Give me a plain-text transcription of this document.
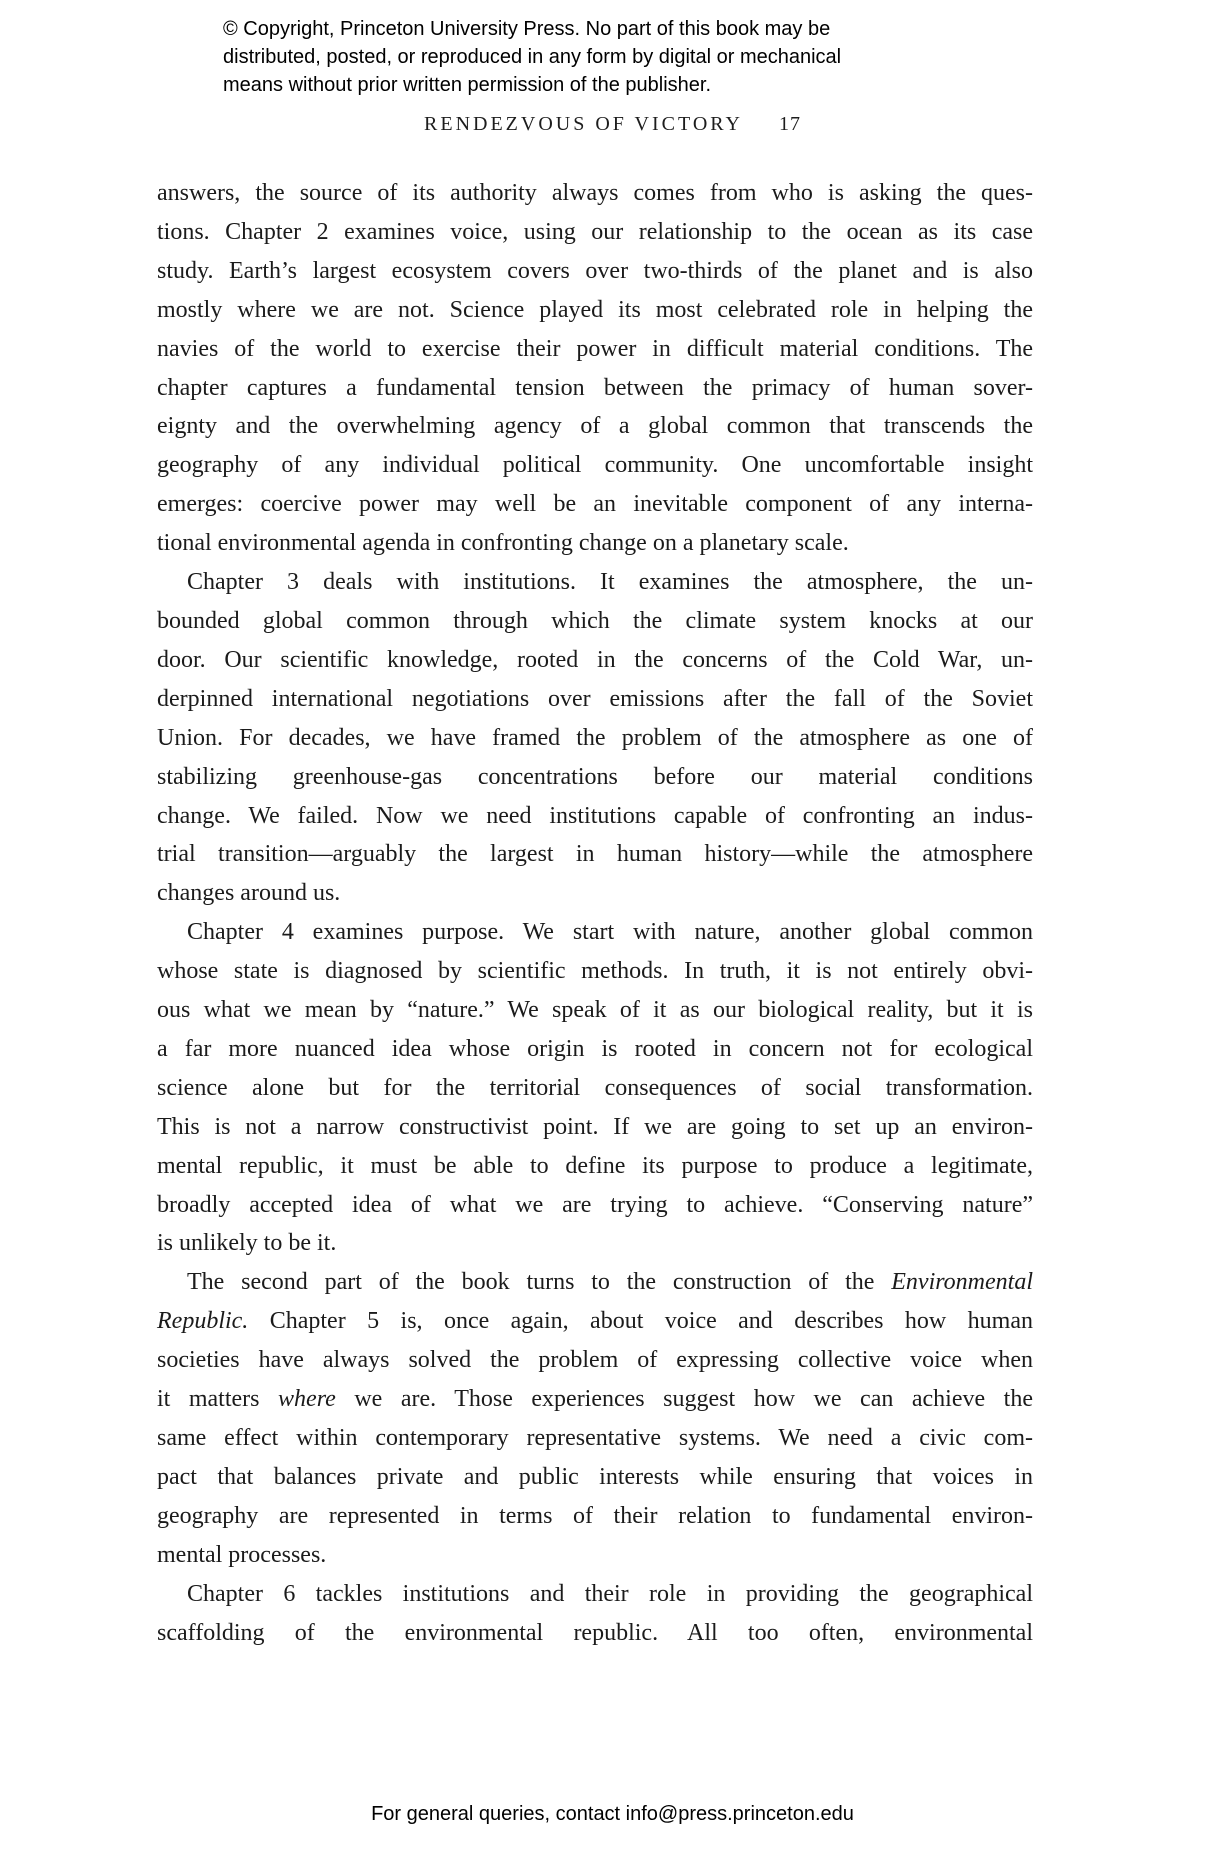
© Copyright, Princeton University Press. No part of this book may be
distributed, posted, or reproduced in any form by digital or mechanical
means without prior written permission of the publisher.
RENDEZVOUS OF VICTORY 17
answers, the source of its authority always comes from who is asking the ques-
tions. Chapter 2 examines voice, using our relationship to the ocean as its case
study. Earth’s largest ecosystem covers over two-thirds of the planet and is also
mostly where we are not. Science played its most celebrated role in helping the
navies of the world to exercise their power in difficult material conditions. The
chapter captures a fundamental tension between the primacy of human sover-
eignty and the overwhelming agency of a global common that transcends the
geography of any individual political community. One uncomfortable insight
emerges: coercive power may well be an inevitable component of any interna-
tional environmental agenda in confronting change on a planetary scale.
Chapter 3 deals with institutions. It examines the atmosphere, the un-
bounded global common through which the climate system knocks at our
door. Our scientific knowledge, rooted in the concerns of the Cold War, un-
derpinned international negotiations over emissions after the fall of the Soviet
Union. For decades, we have framed the problem of the atmosphere as one of
stabilizing greenhouse-gas concentrations before our material conditions
change. We failed. Now we need institutions capable of confronting an indus-
trial transition—arguably the largest in human history—while the atmosphere
changes around us.
Chapter 4 examines purpose. We start with nature, another global common
whose state is diagnosed by scientific methods. In truth, it is not entirely obvi-
ous what we mean by “nature.” We speak of it as our biological reality, but it is
a far more nuanced idea whose origin is rooted in concern not for ecological
science alone but for the territorial consequences of social transformation.
This is not a narrow constructivist point. If we are going to set up an environ-
mental republic, it must be able to define its purpose to produce a legitimate,
broadly accepted idea of what we are trying to achieve. “Conserving nature”
is unlikely to be it.
The second part of the book turns to the construction of the Environmental
Republic. Chapter 5 is, once again, about voice and describes how human
societies have always solved the problem of expressing collective voice when
it matters where we are. Those experiences suggest how we can achieve the
same effect within contemporary representative systems. We need a civic com-
pact that balances private and public interests while ensuring that voices in
geography are represented in terms of their relation to fundamental environ-
mental processes.
Chapter 6 tackles institutions and their role in providing the geographical
scaffolding of the environmental republic. All too often, environmental
For general queries, contact info@press.princeton.edu
